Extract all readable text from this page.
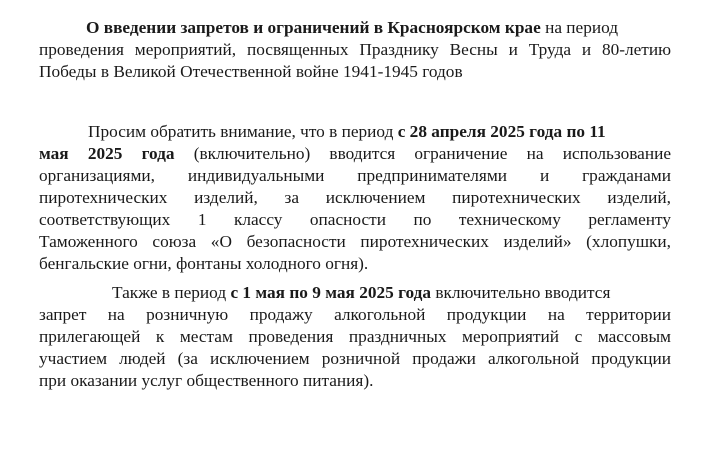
О введении запретов и ограничений в Красноярском крае на период
проведения мероприятий, посвященных Празднику Весны и Труда и 80-летию
Победы в Великой Отечественной войне 1941-1945 годов
Просим обратить внимание, что в период с 28 апреля 2025 года по 11
мая 2025 года (включительно) вводится ограничение на использование
организациями, индивидуальными предпринимателями и гражданами
пиротехнических изделий, за исключением пиротехнических изделий,
соответствующих 1 классу опасности по техническому регламенту
Таможенного союза «О безопасности пиротехнических изделий» (хлопушки,
бенгальские огни, фонтаны холодного огня).
Также в период с 1 мая по 9 мая 2025 года включительно вводится
запрет на розничную продажу алкогольной продукции на территории
прилегающей к местам проведения праздничных мероприятий с массовым
участием людей (за исключением розничной продажи алкогольной продукции
при оказании услуг общественного питания).
